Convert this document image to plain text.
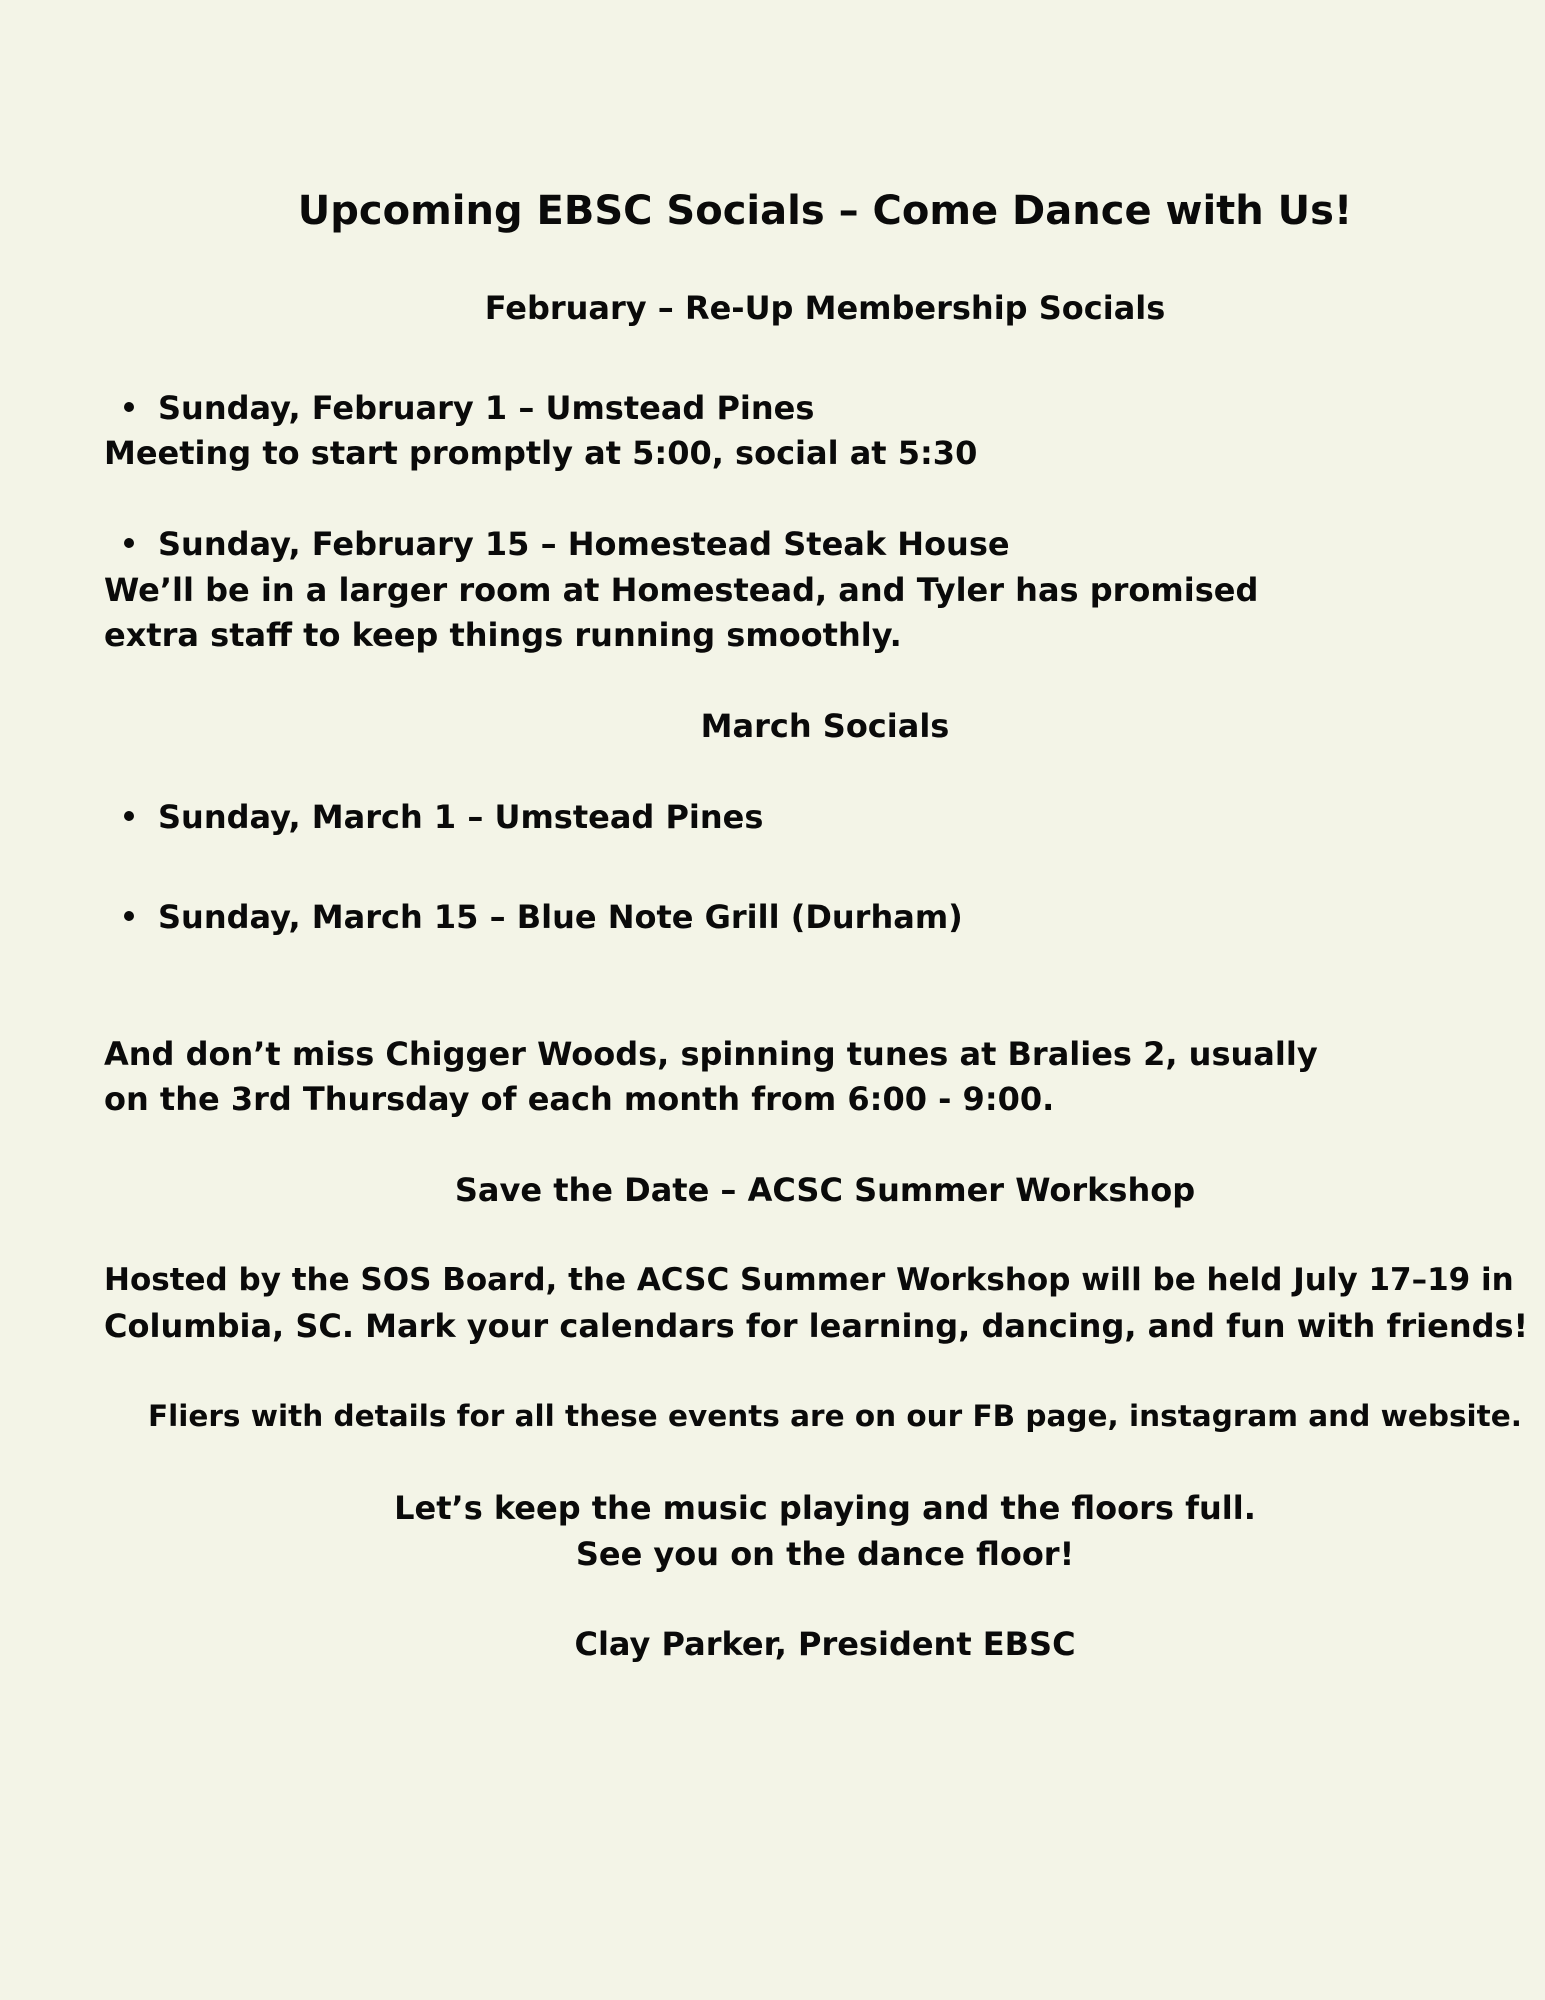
Upcoming EBSC Socials – Come Dance with Us!
February – Re-Up Membership Socials
Sunday, February 1 – Umstead Pines

Meeting to start promptly at 5:00, social at 5:30

Sunday, February 15 – Homestead Steak House

We’ll be in a larger room at Homestead, and Tyler has promised

extra staff to keep things running smoothly.

March Socials
Sunday, March 1 – Umstead Pines
Sunday, March 15 – Blue Note Grill (Durham)

And don’t miss Chigger Woods, spinning tunes at Bralies 2, usually

on the 3rd Thursday of each month from 6:00 - 9:00.

Save the Date – ACSC Summer Workshop

Hosted by the SOS Board, the ACSC Summer Workshop will be held July 17–19 in

Columbia, SC. Mark your calendars for learning, dancing, and fun with friends!

Fliers with details for all these events are on our FB page, instagram and website.

Let’s keep the music playing and the floors full.

See you on the dance floor!

Clay Parker, President EBSC
